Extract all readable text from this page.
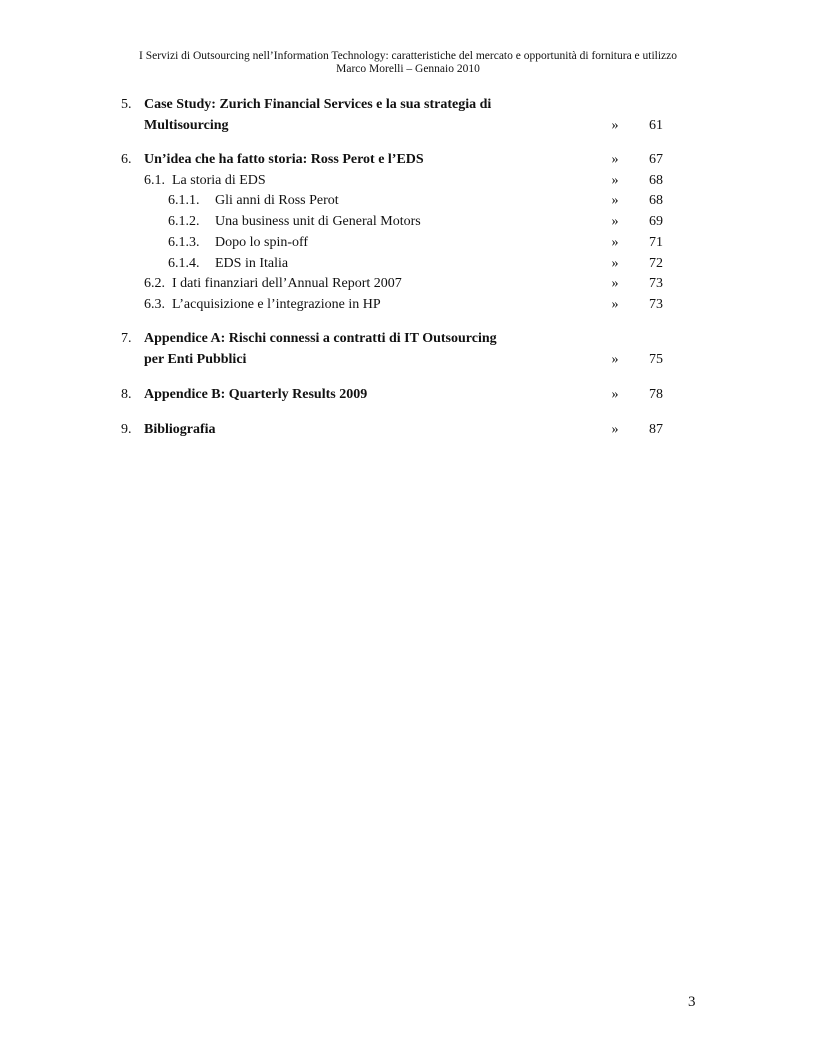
I Servizi di Outsourcing nell’Information Technology: caratteristiche del mercato e opportunità di fornitura e utilizzo
Marco Morelli – Gennaio 2010
5. Case Study: Zurich Financial Services e la sua strategia di
Multisourcing	»	61
6. Un’idea che ha fatto storia: Ross Perot e l’EDS	»	67
6.1. La storia di EDS	»	68
6.1.1. Gli anni di Ross Perot	»	68
6.1.2. Una business unit di General Motors	»	69
6.1.3. Dopo lo spin-off	»	71
6.1.4. EDS in Italia	»	72
6.2. I dati finanziari dell’Annual Report 2007	»	73
6.3. L’acquisizione e l’integrazione in HP	»	73
7. Appendice A: Rischi connessi a contratti di IT Outsourcing
per Enti Pubblici	»	75
8. Appendice B: Quarterly Results 2009	»	78
9. Bibliografia	»	87
3
